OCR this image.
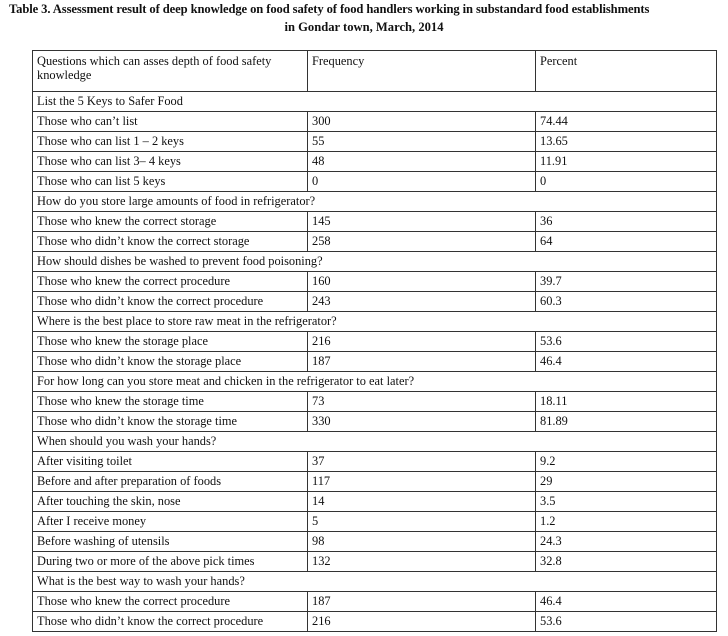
Table 3. Assessment result of deep knowledge on food safety of food handlers working in substandard food establishments
in Gondar town, March, 2014
Questions which can asses depth of food safety knowledge	Frequency	Percent
List the 5 Keys to Safer Food		
Those who can’t list	300	74.44
Those who can list 1 – 2 keys	55	13.65
Those who can list 3– 4 keys	48	11.91
Those who can list 5 keys	0	0
How do you store large amounts of food in refrigerator?		
Those who knew the correct storage	145	36
Those who didn’t know the correct storage	258	64
How should dishes be washed to prevent food poisoning?		
Those who knew the correct procedure	160	39.7
Those who didn’t know the correct procedure	243	60.3
Where is the best place to store raw meat in the refrigerator?		
Those who knew the storage place	216	53.6
Those who didn’t know the storage place	187	46.4
For how long can you store meat and chicken in the refrigerator to eat later?		
Those who knew the storage time	73	18.11
Those who didn’t know the storage time	330	81.89
When should you wash your hands?		
After visiting toilet	37	9.2
Before and after preparation of foods	117	29
After touching the skin, nose	14	3.5
After I receive money	5	1.2
Before washing of utensils	98	24.3
During two or more of the above pick times	132	32.8
What is the best way to wash your hands?		
Those who knew the correct procedure	187	46.4
Those who didn’t know the correct procedure	216	53.6
